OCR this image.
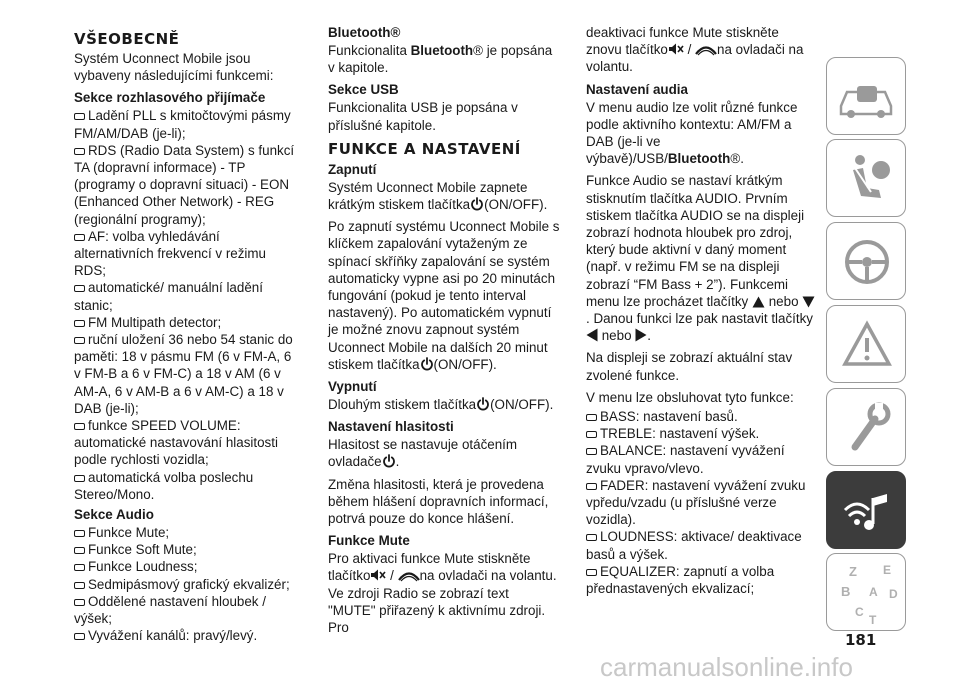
VŠEOBECNĚ

Systém Uconnect Mobile jsou vybaveny následujícími funkcemi:

Sekce rozhlasového přijímače
Ladění PLL s kmitočtovými pásmy FM/AM/DAB (je-li);
RDS (Radio Data System) s funkcí TA (dopravní informace) - TP (programy o dopravní situaci) - EON (Enhanced Other Network) - REG (regionální programy);
AF: volba vyhledávání alternativních frekvencí v režimu RDS;
automatické/ manuální ladění stanic;
FM Multipath detector;
ruční uložení 36 nebo 54 stanic do paměti: 18 v pásmu FM (6 v FM-A, 6 v FM-B a 6 v FM-C) a 18 v AM (6 v AM-A, 6 v AM-B a 6 v AM-C) a 18 v DAB (je-li);
funkce SPEED VOLUME: automatické nastavování hlasitosti podle rychlosti vozidla;
automatická volba poslechu Stereo/Mono.
Sekce Audio
Funkce Mute;
Funkce Soft Mute;
Funkce Loudness;
Sedmipásmový grafický ekvalizér;
Oddělené nastavení hloubek / výšek;
Vyvážení kanálů: pravý/levý.
Bluetooth®

Funkcionalita Bluetooth® je popsána v kapitole.

Sekce USB

Funkcionalita USB je popsána v příslušné kapitole.

FUNKCE A NASTAVENÍ
Zapnutí

Systém Uconnect Mobile zapnete krátkým stiskem tlačítka (ON/OFF).

Po zapnutí systému Uconnect Mobile s klíčkem zapalování vytaženým ze spínací skříňky zapalování se systém automaticky vypne asi po 20 minutách fungování (pokud je tento interval nastavený). Po automatickém vypnutí je možné znovu zapnout systém Uconnect Mobile na dalších 20 minut stiskem tlačítka (ON/OFF).

Vypnutí

Dlouhým stiskem tlačítka (ON/OFF).

Nastavení hlasitosti

Hlasitost se nastavuje otáčením ovladače .

Změna hlasitosti, která je provedena během hlášení dopravních informací, potrvá pouze do konce hlášení.

Funkce Mute

Pro aktivaci funkce Mute stiskněte tlačítko / na ovladači na volantu. Ve zdroji Radio se zobrazí text "MUTE" přiřazený k aktivnímu zdroji. Pro

deaktivaci funkce Mute stiskněte znovu tlačítko / na ovladači na volantu.

Nastavení audia

V menu audio lze volit různé funkce podle aktivního kontextu: AM/FM a DAB (je-li ve výbavě)/USB/Bluetooth®.

Funkce Audio se nastaví krátkým stisknutím tlačítka AUDIO. Prvním stiskem tlačítka AUDIO se na displeji zobrazí hodnota hloubek pro zdroj, který bude aktivní v daný moment (např. v režimu FM se na displeji zobrazí “FM Bass + 2”). Funkcemi menu lze procházet tlačítky nebo . Danou funkci lze pak nastavit tlačítky  nebo .

Na displeji se zobrazí aktuální stav zvolené funkce.

V menu lze obsluhovat tyto funkce:

BASS: nastavení basů.
TREBLE: nastavení výšek.
BALANCE: nastavení vyvážení zvuku vpravo/vlevo.
FADER: nastavení vyvážení zvuku vpředu/vzadu (u příslušné verze vozidla).
LOUDNESS: aktivace/ deaktivace basů a výšek.
EQUALIZER: zapnutí a volba přednastavených ekvalizací;
Z E
B
C
D
T
A
181
carmanualsonline.info
